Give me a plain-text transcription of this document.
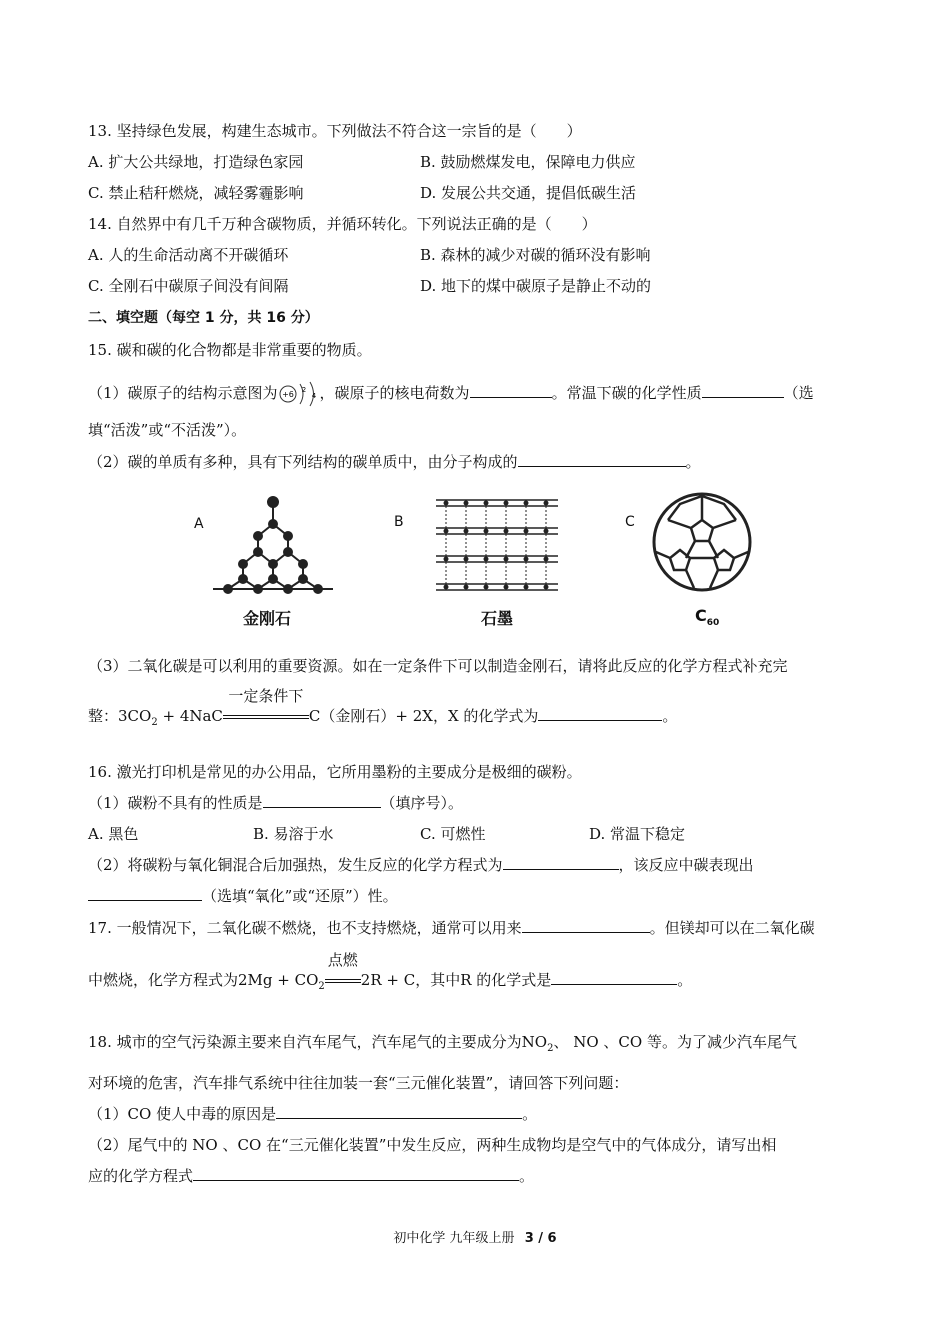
13. 坚持绿色发展，构建生态城市。下列做法不符合这一宗旨的是（　　）
A. 扩大公共绿地，打造绿色家园	B. 鼓励燃煤发电，保障电力供应
C. 禁止秸秆燃烧，减轻雾霾影响	D. 发展公共交通，提倡低碳生活
14. 自然界中有几千万种含碳物质，并循环转化。下列说法正确的是（　　）
A. 人的生命活动离不开碳循环	B. 森林的减少对碳的循环没有影响
C. 全刚石中碳原子间没有间隔	D. 地下的煤中碳原子是静止不动的
二、填空题（每空 1 分，共 16 分）
15. 碳和碳的化合物都是非常重要的物质。
（1）碳原子的结构示意图为 +6 2
4 ，碳原子的核电荷数为	。常温下碳的化学性质	（选
填“活泼”或“不活泼”）。
（2）碳的单质有多种，具有下列结构的碳单质中，由分子构成的	。
A
金刚石
B
石墨
C
$C_{60}$
（3）二氧化碳是可以利用的重要资源。如在一定条件下可以制造金刚石，请将此反应的化学方程式补充完
整：$3CO_2 + 4NaC$
一定条件下
C（金刚石）+ 2X，X 的化学式为	。
16. 激光打印机是常见的办公用品，它所用墨粉的主要成分是极细的碳粉。
（1）碳粉不具有的性质是	（填序号）。
A. 黑色	B. 易溶于水	C. 可燃性	D. 常温下稳定
（2）将碳粉与氧化铜混合后加强热，发生反应的化学方程式为	，该反应中碳表现出
（选填“氧化”或“还原”）性。
17. 一般情况下，二氧化碳不燃烧，也不支持燃烧，通常可以用来	。但镁却可以在二氧化碳
中燃烧，化学方程式为$2Mg + CO_2$
点燃
2R + C，其中R 的化学式是	。
18. 城市的空气污染源主要来自汽车尾气，汽车尾气的主要成分为$NO_2$、 NO 、CO 等。为了减少汽车尾气
对环境的危害，汽车排气系统中往往加装一套“三元催化装置”，请回答下列问题：
（1）CO 使人中毒的原因是	。
（2）尾气中的 NO 、CO 在“三元催化装置”中发生反应，两种生成物均是空气中的气体成分，请写出相
应的化学方程式	。
初中化学 九年级上册 3 / 6
